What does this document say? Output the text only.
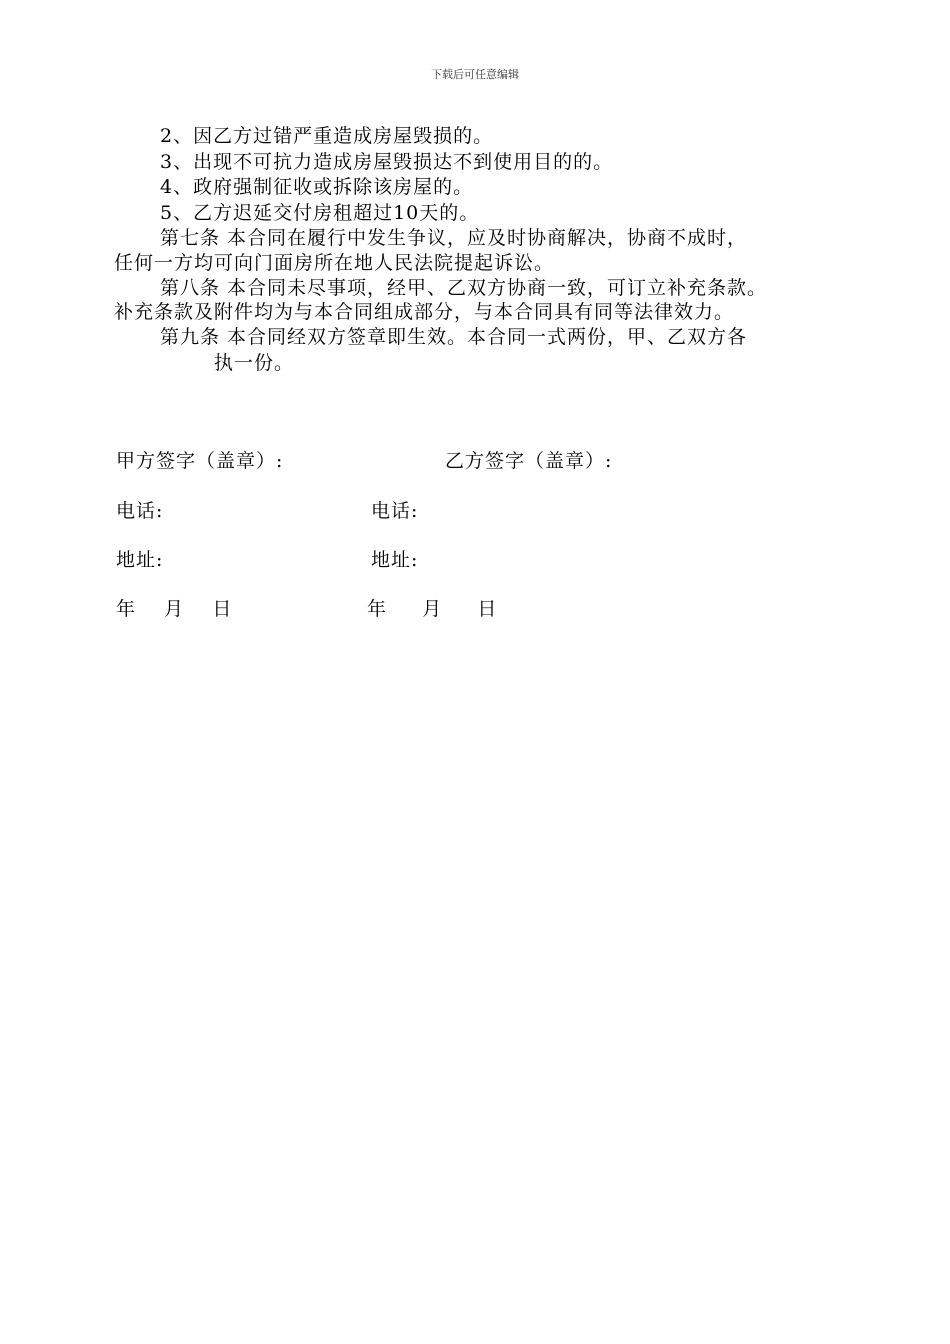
下载后可任意编辑
2、因乙方过错严重造成房屋毁损的。
3、出现不可抗力造成房屋毁损达不到使用目的的。
4、政府强制征收或拆除该房屋的。
5、乙方迟延交付房租超过10天的。
第七条 本合同在履行中发生争议，应及时协商解决，协商不成时，
任何一方均可向门面房所在地人民法院提起诉讼。
第八条 本合同未尽事项，经甲、乙双方协商一致，可订立补充条款。
补充条款及附件均为与本合同组成部分，与本合同具有同等法律效力。
第九条 本合同经双方签章即生效。本合同一式两份，甲、乙双方各
执一份。
甲方签字（盖章）:	乙方签字（盖章）:
电话:	电话:
地址:	地址:
年    月    日	年     月     日
